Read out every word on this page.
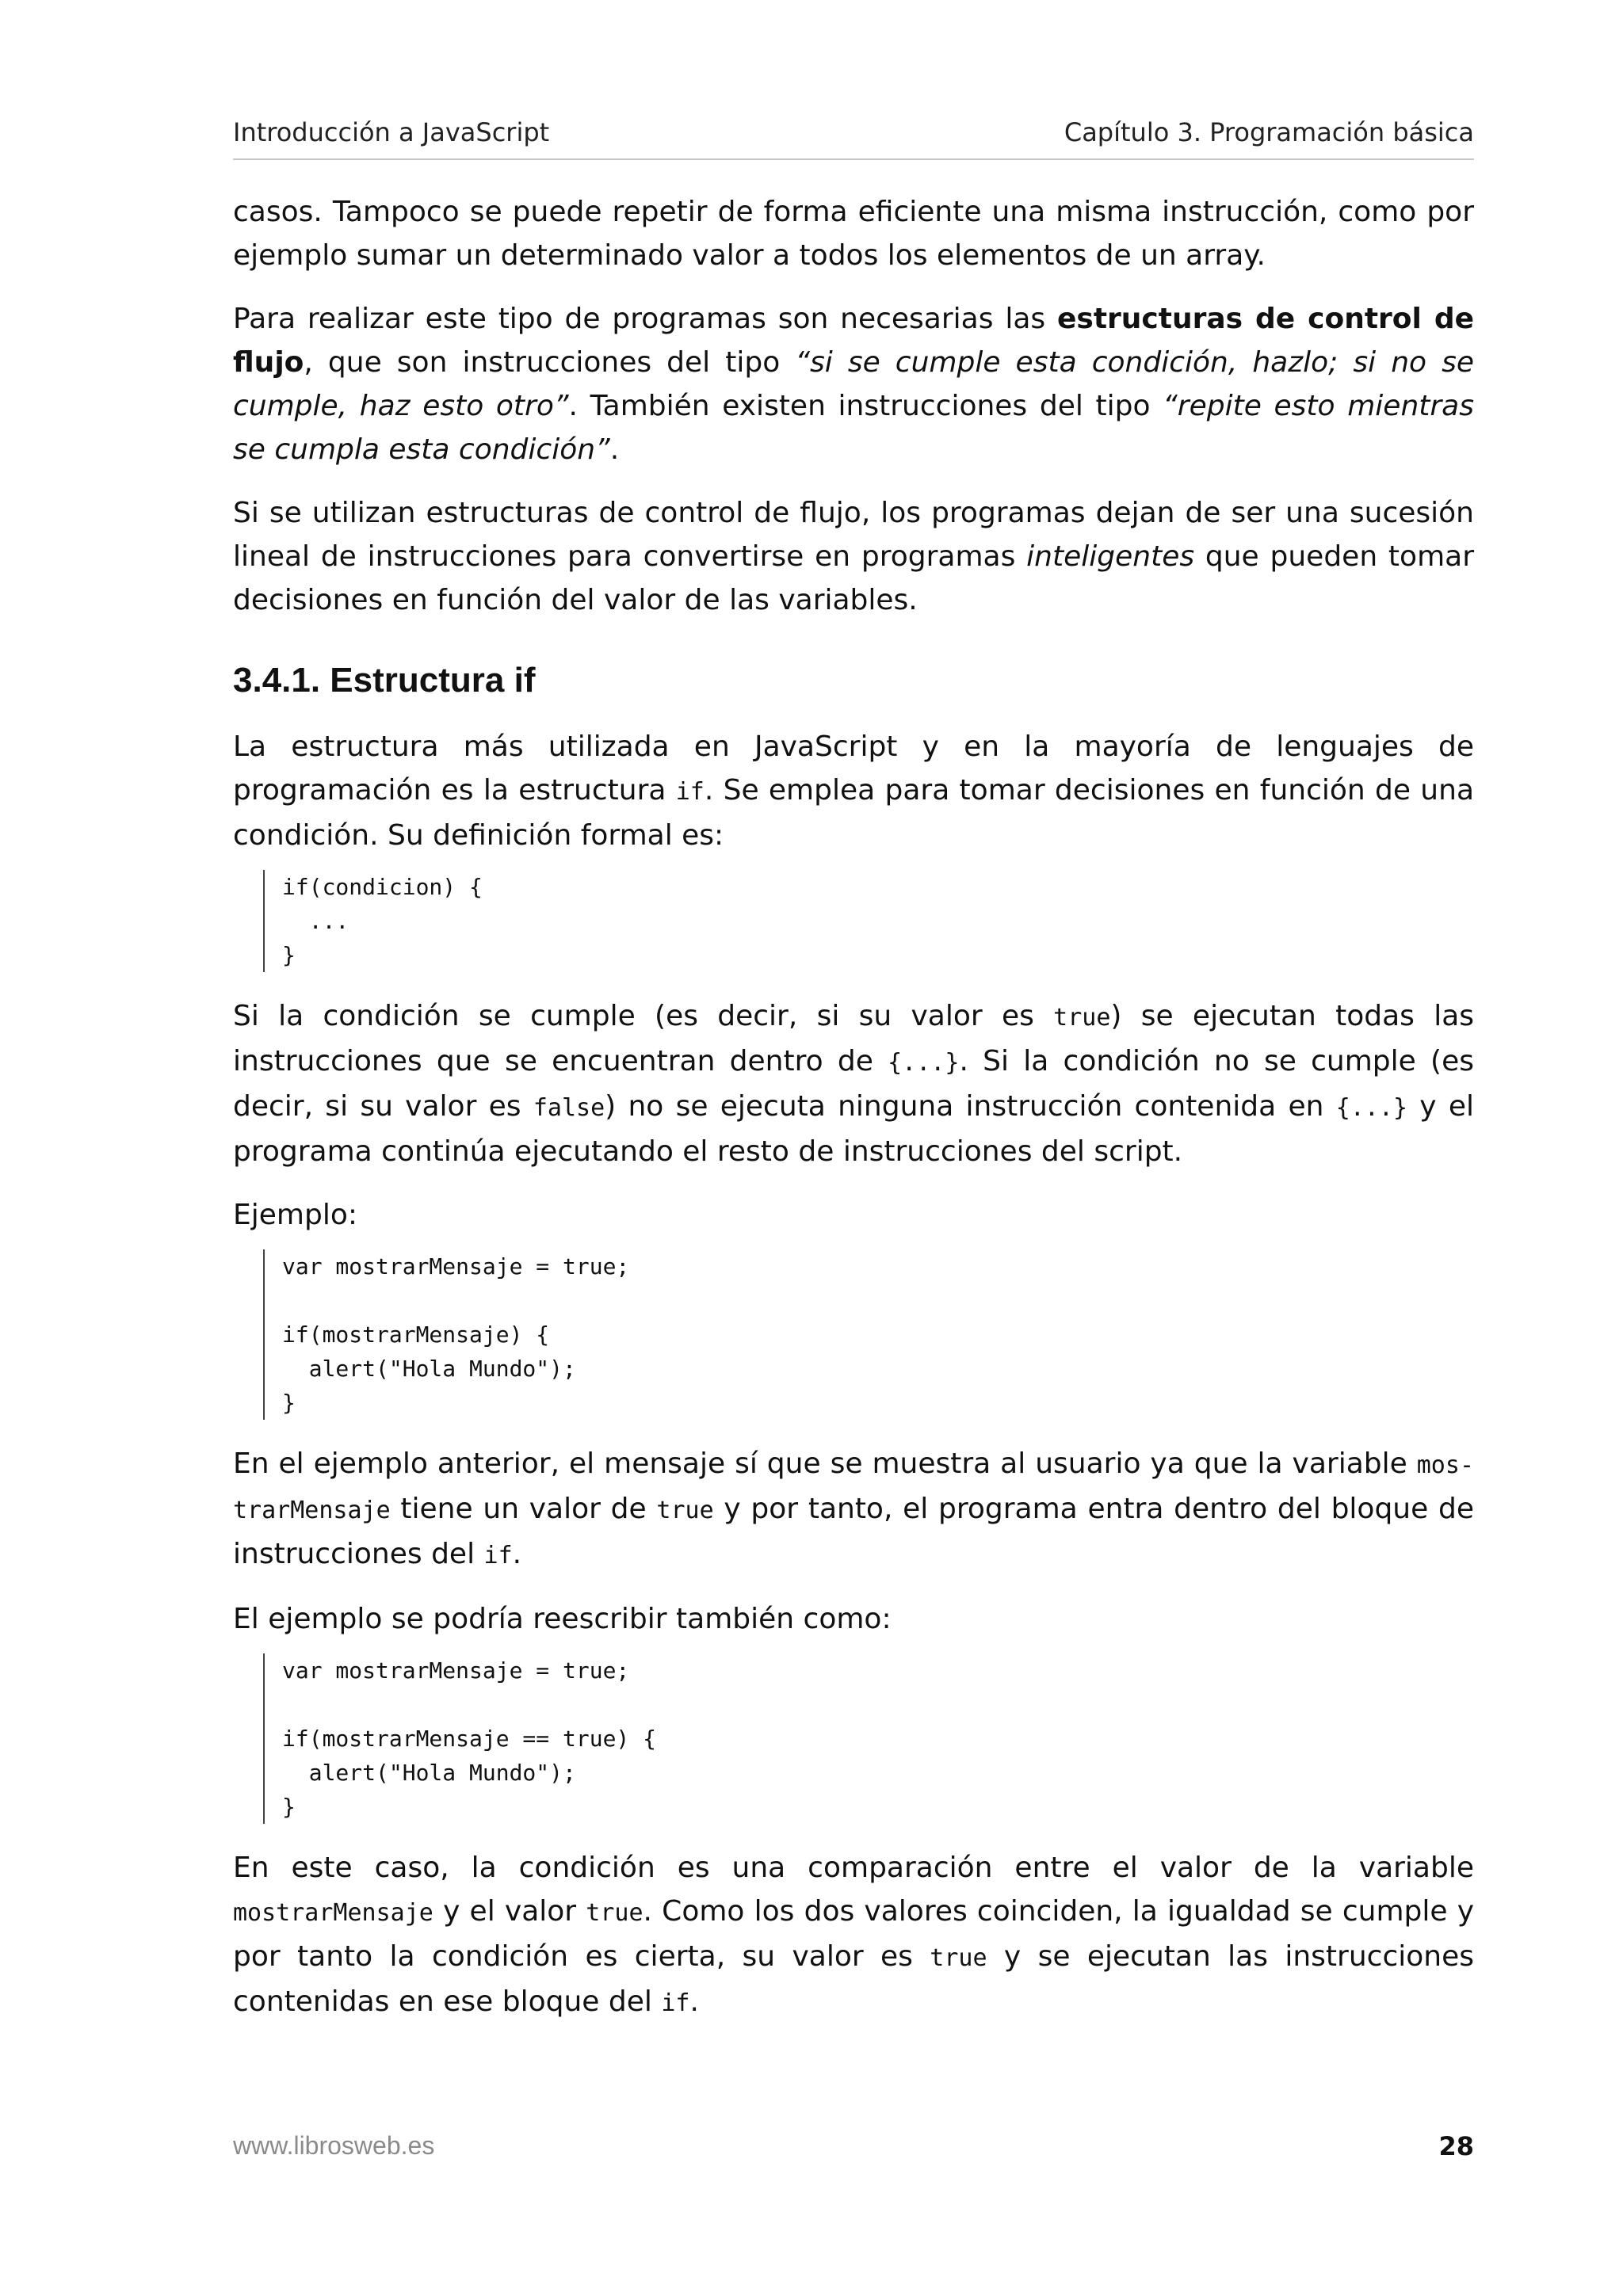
Introducción a JavaScript	Capítulo 3. Programación básica

casos. Tampoco se puede repetir de forma eficiente una misma instrucción, como por ejemplo sumar un determinado valor a todos los elementos de un array.

Para realizar este tipo de programas son necesarias las estructuras de control de flujo, que son instrucciones del tipo “si se cumple esta condición, hazlo; si no se cumple, haz esto otro”. También existen instrucciones del tipo “repite esto mientras se cumpla esta condición”.

Si se utilizan estructuras de control de flujo, los programas dejan de ser una sucesión lineal de instrucciones para convertirse en programas inteligentes que pueden tomar decisiones en función del valor de las variables.

3.4.1. Estructura if

La estructura más utilizada en JavaScript y en la mayoría de lenguajes de programación es la estructura if. Se emplea para tomar decisiones en función de una condición. Su definición formal es:

if(condicion) {
...
}

Si la condición se cumple (es decir, si su valor es true) se ejecutan todas las instrucciones que se encuentran dentro de {...}. Si la condición no se cumple (es decir, si su valor es false) no se ejecuta ninguna instrucción contenida en {...} y el programa continúa ejecutando el resto de instrucciones del script.

Ejemplo:

var mostrarMensaje = true;

if(mostrarMensaje) {
alert("Hola Mundo");
}

En el ejemplo anterior, el mensaje sí que se muestra al usuario ya que la variable mostrarMensaje tiene un valor de true y por tanto, el programa entra dentro del bloque de instrucciones del if.

El ejemplo se podría reescribir también como:

var mostrarMensaje = true;

if(mostrarMensaje == true) {
alert("Hola Mundo");
}

En este caso, la condición es una comparación entre el valor de la variable mostrarMensaje y el valor true. Como los dos valores coinciden, la igualdad se cumple y por tanto la condición es cierta, su valor es true y se ejecutan las instrucciones contenidas en ese bloque del if.

www.librosweb.es	28
